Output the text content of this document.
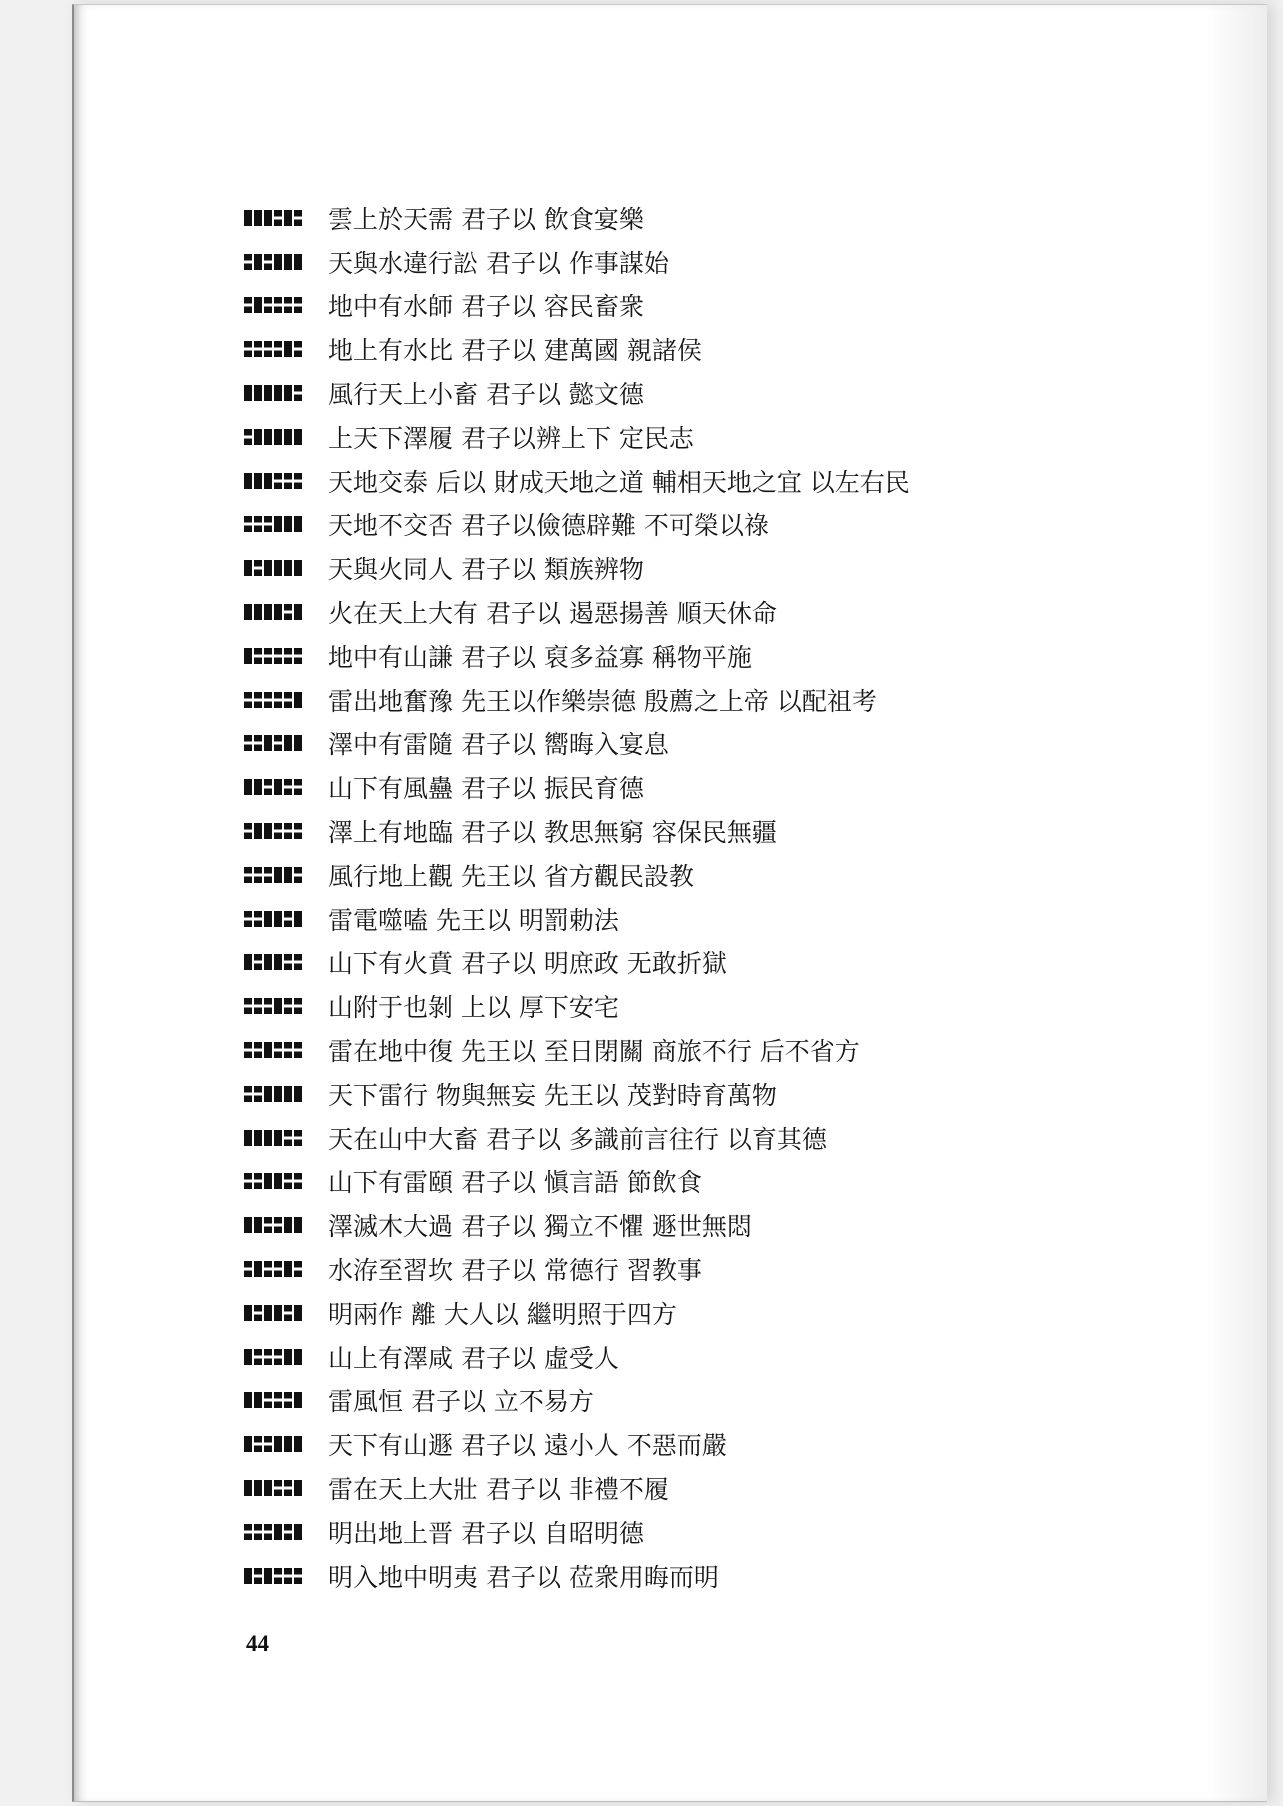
雲上於天需 君子以 飲食宴樂
天與水違行訟 君子以 作事謀始
地中有水師 君子以 容民畜衆
地上有水比 君子以 建萬國 親諸侯
風行天上小畜 君子以 懿文德
上天下澤履 君子以辨上下 定民志
天地交泰 后以 財成天地之道 輔相天地之宜 以左右民
天地不交否 君子以儉德辟難 不可榮以祿
天與火同人 君子以 類族辨物
火在天上大有 君子以 遏惡揚善 順天休命
地中有山謙 君子以 裒多益寡 稱物平施
雷出地奮豫 先王以作樂崇德 殷薦之上帝 以配祖考
澤中有雷隨 君子以 嚮晦入宴息
山下有風蠱 君子以 振民育德
澤上有地臨 君子以 教思無窮 容保民無疆
風行地上觀 先王以 省方觀民設教
雷電噬嗑 先王以 明罰勅法
山下有火賁 君子以 明庶政 无敢折獄
山附于也剝 上以 厚下安宅
雷在地中復 先王以 至日閉關 商旅不行 后不省方
天下雷行 物與無妄 先王以 茂對時育萬物
天在山中大畜 君子以 多識前言往行 以育其德
山下有雷頤 君子以 愼言語 節飲食
澤滅木大過 君子以 獨立不懼 遯世無悶
水洊至習坎 君子以 常德行 習教事
明兩作 離 大人以 繼明照于四方
山上有澤咸 君子以 虛受人
雷風恒 君子以 立不易方
天下有山遯 君子以 遠小人 不惡而嚴
雷在天上大壯 君子以 非禮不履
明出地上晋 君子以 自昭明德
明入地中明夷 君子以 莅衆用晦而明
44
